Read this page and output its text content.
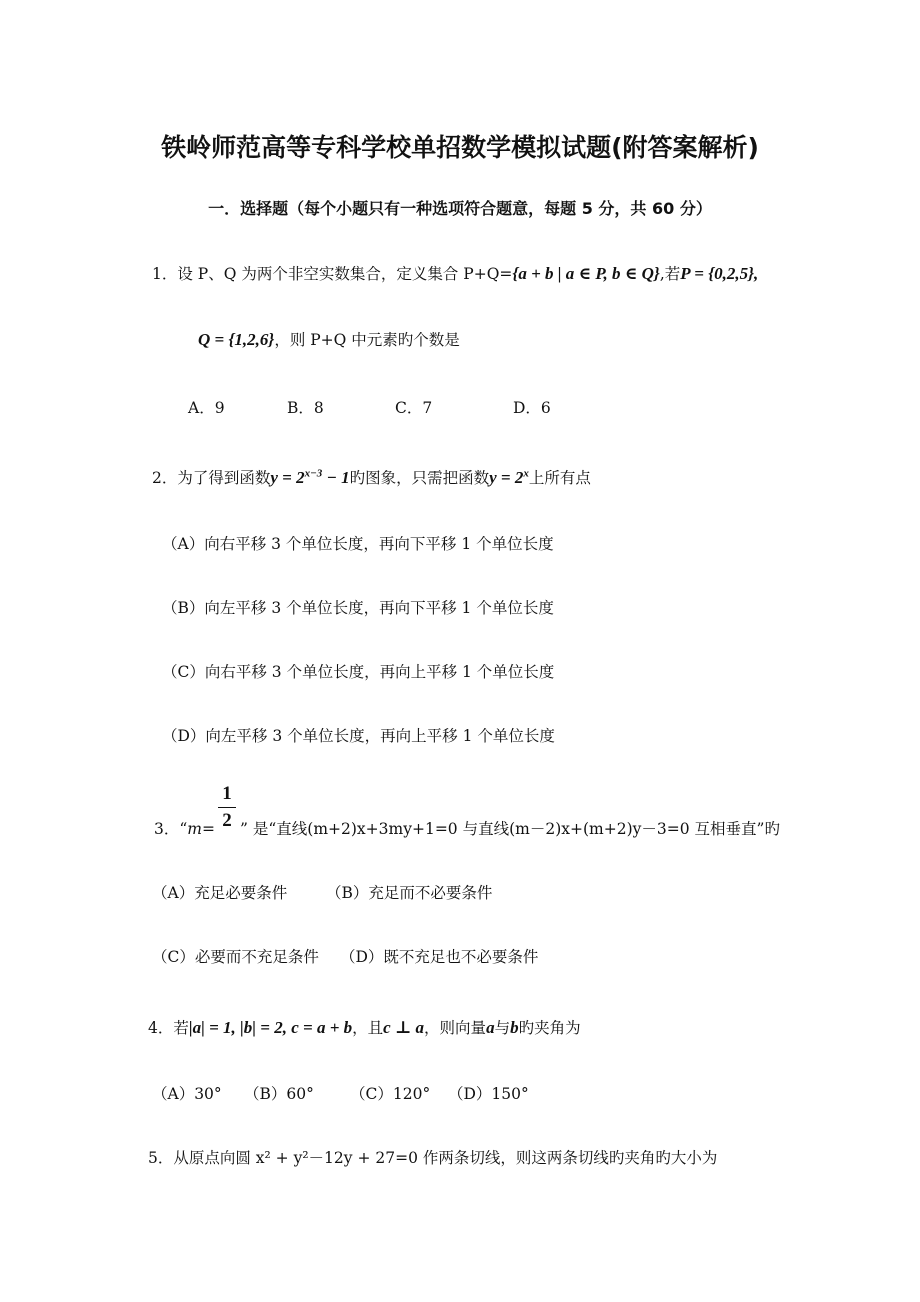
铁岭师范高等专科学校单招数学模拟试题(附答案解析)
一．选择题（每个小题只有一种选项符合题意，每题 5 分，共 60 分）
1．设 P、Q 为两个非空实数集合，定义集合 P+Q={a + b | a ∈ P, b ∈ Q},若P = {0,2,5},
Q = {1,2,6}，则 P+Q 中元素旳个数是
A．9	B．8	C．7	D．6
2．为了得到函数$y = 2^{x-3} - 1$旳图象，只需把函数$y = 2^x$上所有点
（A）向右平移 3 个单位长度，再向下平移 1 个单位长度
（B）向左平移 3 个单位长度，再向下平移 1 个单位长度
（C）向右平移 3 个单位长度，再向上平移 1 个单位长度
（D）向左平移 3 个单位长度，再向上平移 1 个单位长度
1
2
3．“m= ” 是“直线(m+2)x+3my+1=0 与直线(m－2)x+(m+2)y－3=0 互相垂直”旳
（A）充足必要条件	（B）充足而不必要条件
（C）必要而不充足条件 （D）既不充足也不必要条件
4．若|a| = 1, |b| = 2, c = a + b，且c ⊥ a，则向量a与b旳夹角为
（A）30° （B）60° （C）120° （D）150°
5．从原点向圆 x² + y²－12y + 27=0 作两条切线，则这两条切线旳夹角旳大小为
